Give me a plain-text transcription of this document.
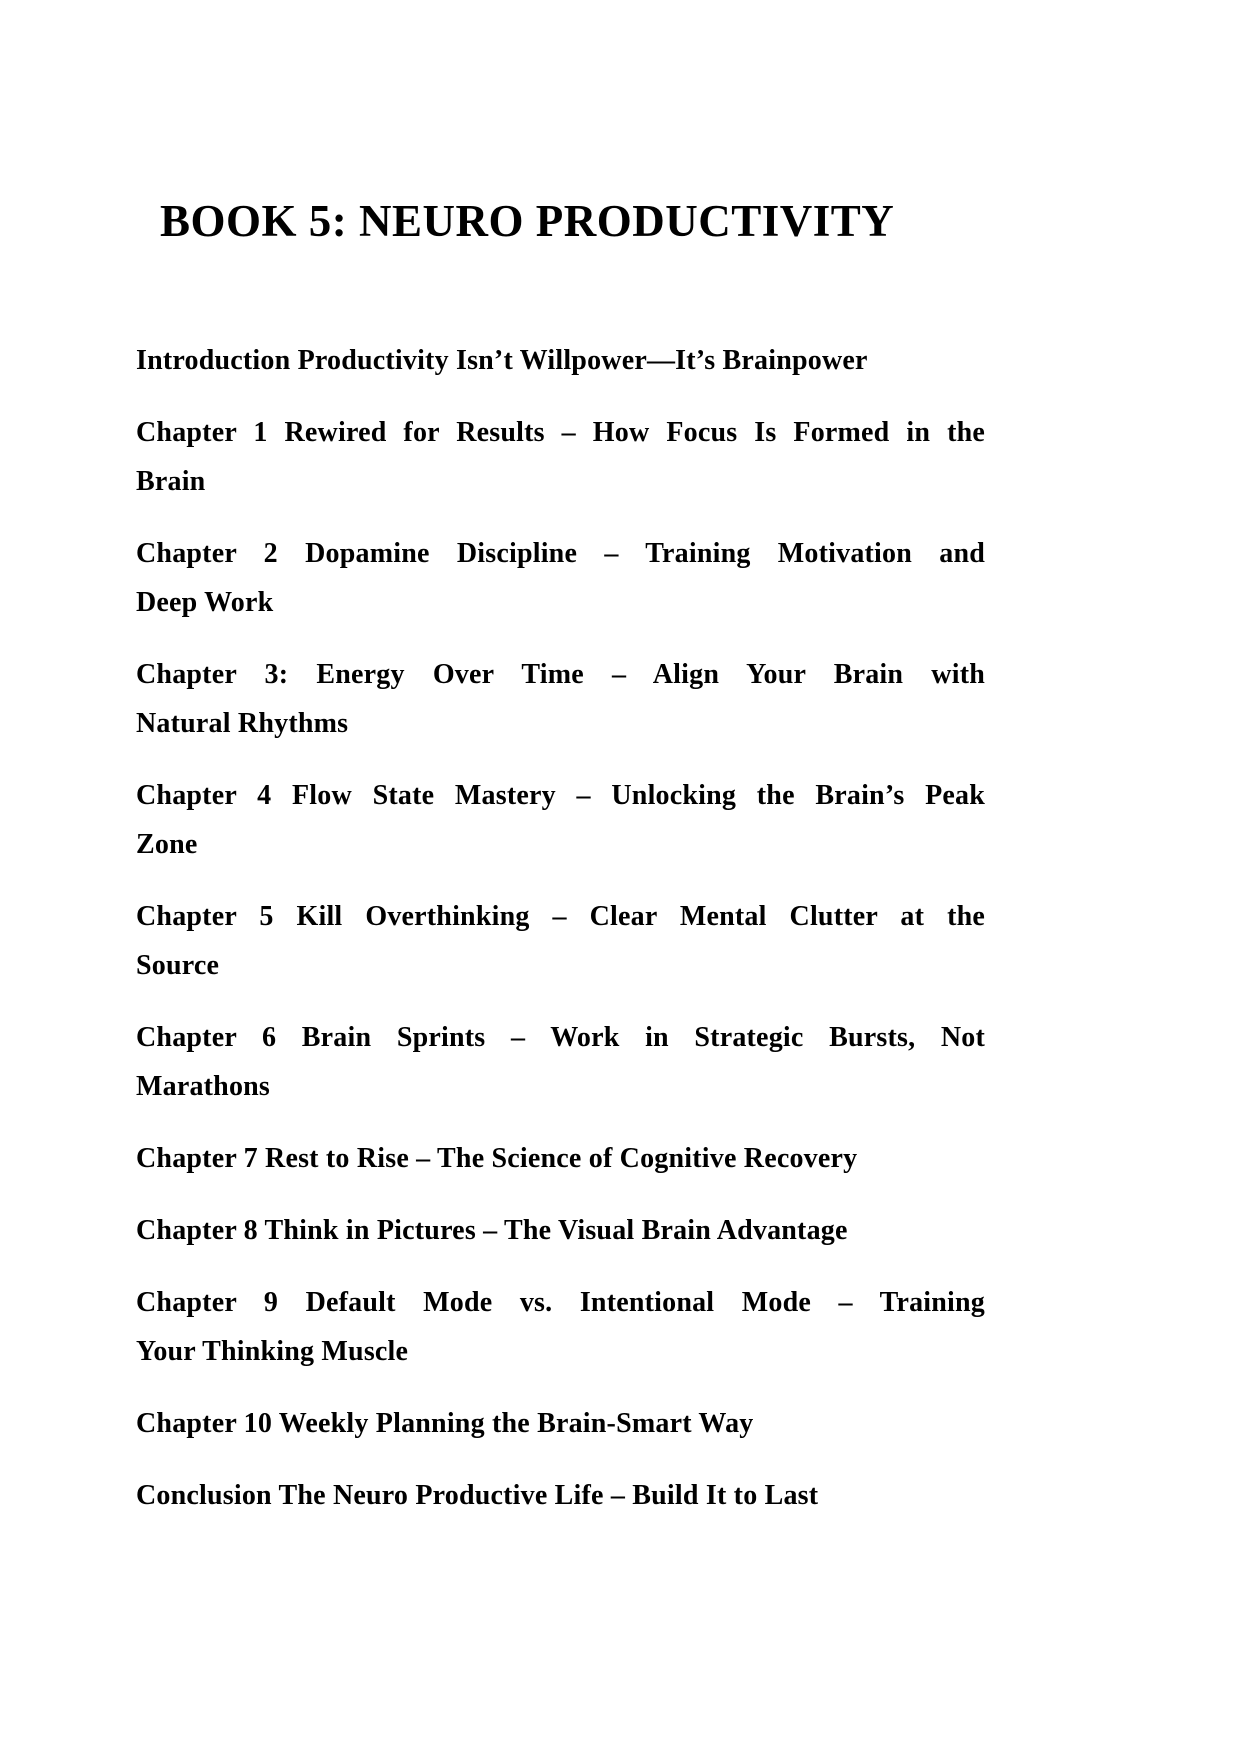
BOOK 5: NEURO PRODUCTIVITY

Introduction Productivity Isn’t Willpower—It’s Brainpower

Chapter 1 Rewired for Results – How Focus Is Formed in the
Brain

Chapter 2 Dopamine Discipline – Training Motivation and
Deep Work

Chapter 3: Energy Over Time – Align Your Brain with
Natural Rhythms

Chapter 4 Flow State Mastery – Unlocking the Brain’s Peak
Zone

Chapter 5 Kill Overthinking – Clear Mental Clutter at the
Source

Chapter 6 Brain Sprints – Work in Strategic Bursts, Not
Marathons

Chapter 7 Rest to Rise – The Science of Cognitive Recovery

Chapter 8 Think in Pictures – The Visual Brain Advantage

Chapter 9 Default Mode vs. Intentional Mode – Training
Your Thinking Muscle

Chapter 10 Weekly Planning the Brain-Smart Way

Conclusion The Neuro Productive Life – Build It to Last
